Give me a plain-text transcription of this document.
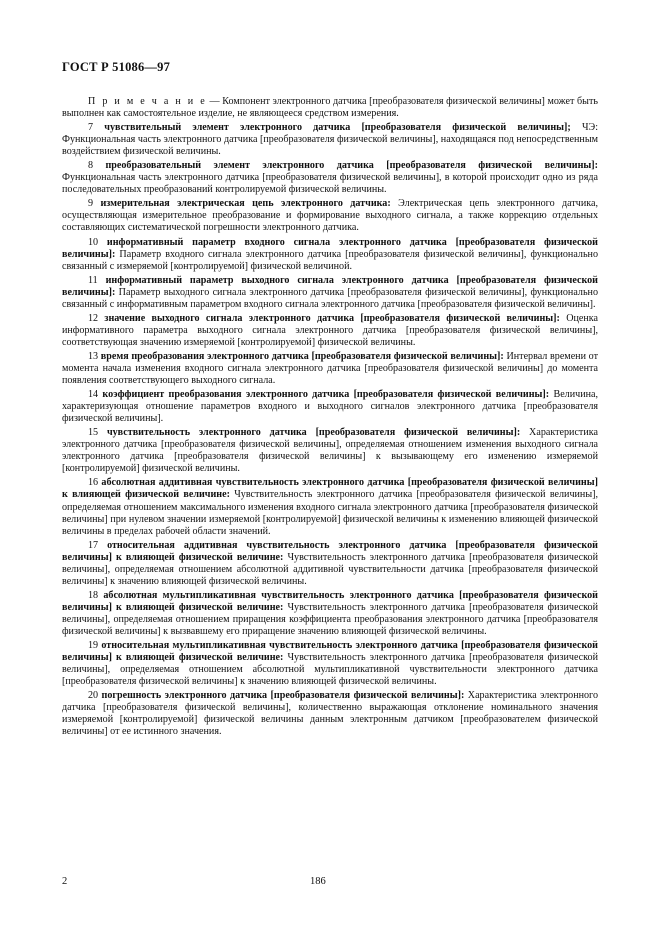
ГОСТ Р 51086—97

П р и м е ч а н и е — Компонент электронного датчика [преобразователя физической величины] может быть выполнен как самостоятельное изделие, не являющееся средством измерения.

7 чувствительный элемент электронного датчика [преобразователя физической величины]; ЧЭ: Функциональная часть электронного датчика [преобразователя физической величины], находящаяся под непосредственным воздействием физической величины.

8 преобразовательный элемент электронного датчика [преобразователя физической величины]: Функциональная часть электронного датчика [преобразователя физической величины], в которой происходит одно из ряда последовательных преобразований контролируемой физической величины.

9 измерительная электрическая цепь электронного датчика: Электрическая цепь электронного датчика, осуществляющая измерительное преобразование и формирование выходного сигнала, а также коррекцию отдельных составляющих систематической погрешности электронного датчика.

10 информативный параметр входного сигнала электронного датчика [преобразователя физической величины]: Параметр входного сигнала электронного датчика [преобразователя физической величины], функционально связанный с измеряемой [контролируемой] физической величиной.

11 информативный параметр выходного сигнала электронного датчика [преобразователя физической величины]: Параметр выходного сигнала электронного датчика [преобразователя физической величины], функционально связанный с информативным параметром входного сигнала электронного датчика [преобразователя физической величины].

12 значение выходного сигнала электронного датчика [преобразователя физической величины]: Оценка информативного параметра выходного сигнала электронного датчика [преобразователя физической величины], соответствующая значению измеряемой [контролируемой] физической величины.

13 время преобразования электронного датчика [преобразователя физической величины]: Интервал времени от момента начала изменения входного сигнала электронного датчика [преобразователя физической величины] до момента появления соответствующего выходного сигнала.

14 коэффициент преобразования электронного датчика [преобразователя физической величины]: Величина, характеризующая отношение параметров входного и выходного сигналов электронного датчика [преобразователя физической величины].

15 чувствительность электронного датчика [преобразователя физической величины]: Характеристика электронного датчика [преобразователя физической величины], определяемая отношением изменения выходного сигнала электронного датчика [преобразователя физической величины] к вызывающему его изменению измеряемой [контролируемой] физической величины.

16 абсолютная аддитивная чувствительность электронного датчика [преобразователя физической величины] к влияющей физической величине: Чувствительность электронного датчика [преобразователя физической величины], определяемая отношением максимального изменения входного сигнала электронного датчика [преобразователя физической величины] при нулевом значении измеряемой [контролируемой] физической величины к изменению влияющей физической величины в пределах рабочей области значений.

17 относительная аддитивная чувствительность электронного датчика [преобразователя физической величины] к влияющей физической величине: Чувствительность электронного датчика [преобразователя физической величины], определяемая отношением абсолютной аддитивной чувствительности датчика [преобразователя физической величины] к значению влияющей физической величины.

18 абсолютная мультипликативная чувствительность электронного датчика [преобразователя физической величины] к влияющей физической величине: Чувствительность электронного датчика [преобразователя физической величины], определяемая отношением приращения коэффициента преобразования электронного датчика [преобразователя физической величины] к вызвавшему его приращение значению влияющей физической величины.

19 относительная мультипликативная чувствительность электронного датчика [преобразователя физической величины] к влияющей физической величине: Чувствительность электронного датчика [преобразователя физической величины], определяемая отношением абсолютной мультипликативной чувствительности электронного датчика [преобразователя физической величины] к значению влияющей физической величины.

20 погрешность электронного датчика [преобразователя физической величины]: Характеристика электронного датчика [преобразователя физической величины], количественно выражающая отклонение номинального значения измеряемой [контролируемой] физической величины данным электронным датчиком [преобразователем физической величины] от ее истинного значения.

2	186
